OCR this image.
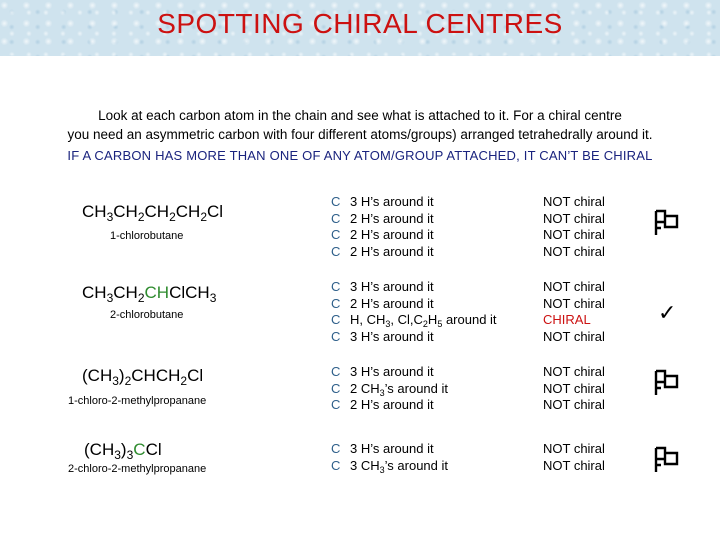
SPOTTING CHIRAL CENTRES
Look at each carbon atom in the chain and see what is attached to it. For a chiral centre
you need an asymmetric carbon with four different atoms/groups) arranged tetrahedrally around it.
IF A CARBON HAS MORE THAN ONE OF ANY ATOM/GROUP ATTACHED, IT CAN’T BE CHIRAL
$CH_3CH_2CH_2CH_2Cl$
1-chlorobutane
C
C
C
C
3 H’s around it
2 H’s around it
2 H’s around it
2 H’s around it
NOT chiral
NOT chiral
NOT chiral
NOT chiral
$CH_3CH_2CHClCH_3$
2-chlorobutane
C
C
C
C
3 H’s around it
2 H’s around it
H, $CH_3$, $Cl,C_2H_5$ around it
3 H’s around it
NOT chiral
NOT chiral
CHIRAL
NOT chiral
✓
$(CH_3)_2CHCH_2Cl$
1-chloro-2-methylpropanane
C
C
C
3 H’s around it
2 $CH_3’s$ around it
2 H’s around it
NOT chiral
NOT chiral
NOT chiral
$(CH_3)_3CCl$
2-chloro-2-methylpropanane
C
C
3 H’s around it
3 $CH_3’s$ around it
NOT chiral
NOT chiral
